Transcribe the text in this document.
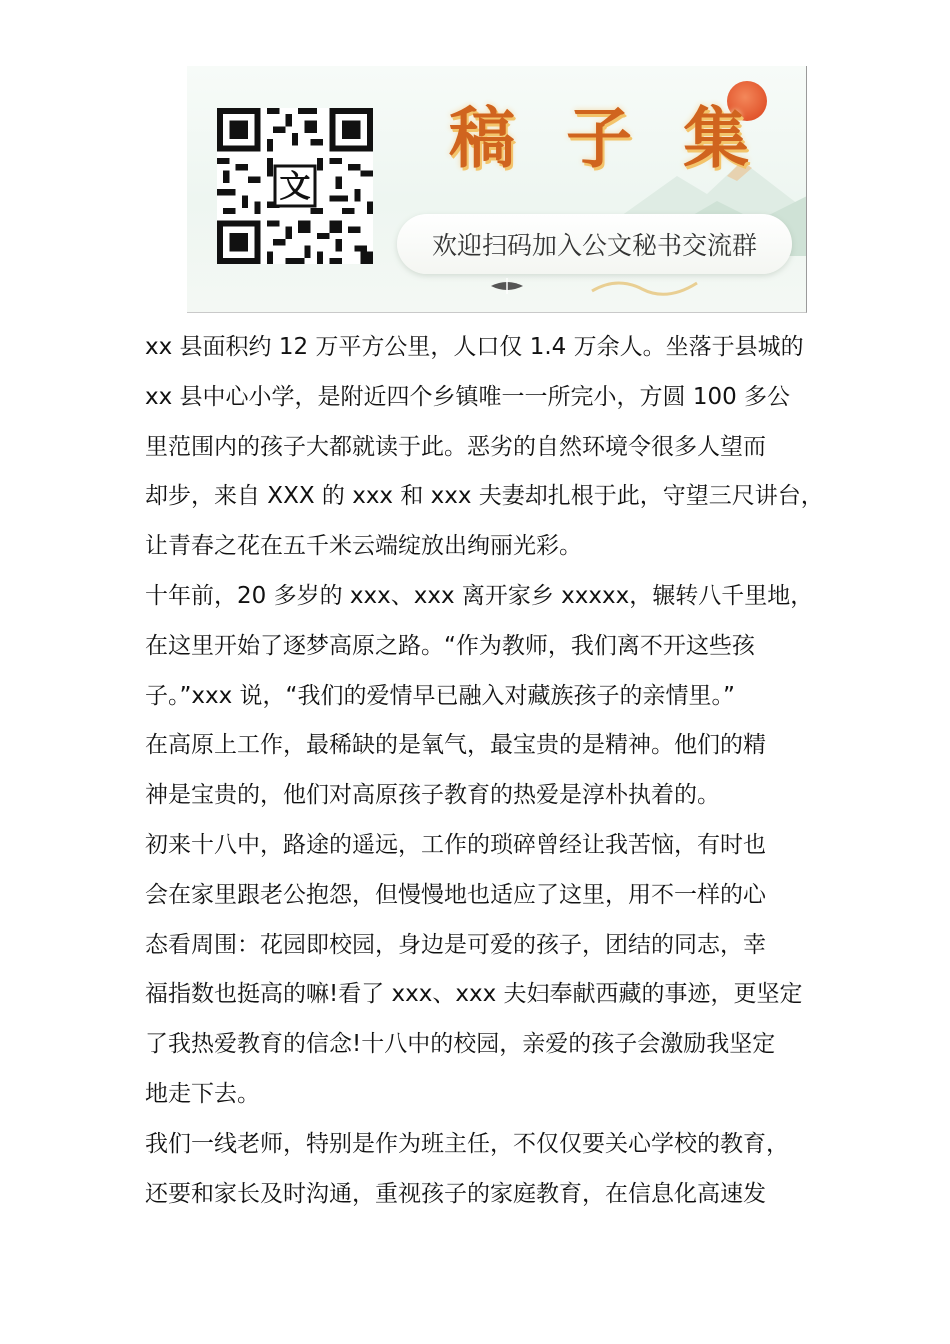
文
稿 子 集
欢迎扫码加入公文秘书交流群

xx 县面积约 12 万平方公里，人口仅 1.4 万余人。坐落于县城的
xx 县中心小学，是附近四个乡镇唯一一所完小，方圆 100 多公
里范围内的孩子大都就读于此。恶劣的自然环境令很多人望而
却步，来自 XXX 的 xxx 和 xxx 夫妻却扎根于此，守望三尺讲台，
让青春之花在五千米云端绽放出绚丽光彩。

十年前，20 多岁的 xxx、xxx 离开家乡 xxxxx，辗转八千里地，
在这里开始了逐梦高原之路。“作为教师，我们离不开这些孩
子。”xxx 说，“我们的爱情早已融入对藏族孩子的亲情里。”
在高原上工作，最稀缺的是氧气，最宝贵的是精神。他们的精
神是宝贵的，他们对高原孩子教育的热爱是淳朴执着的。

初来十八中，路途的遥远，工作的琐碎曾经让我苦恼，有时也
会在家里跟老公抱怨，但慢慢地也适应了这里，用不一样的心
态看周围：花园即校园，身边是可爱的孩子，团结的同志，幸
福指数也挺高的嘛!看了 xxx、xxx 夫妇奉献西藏的事迹，更坚定
了我热爱教育的信念!十八中的校园，亲爱的孩子会激励我坚定
地走下去。

我们一线老师，特别是作为班主任，不仅仅要关心学校的教育，
还要和家长及时沟通，重视孩子的家庭教育，在信息化高速发
